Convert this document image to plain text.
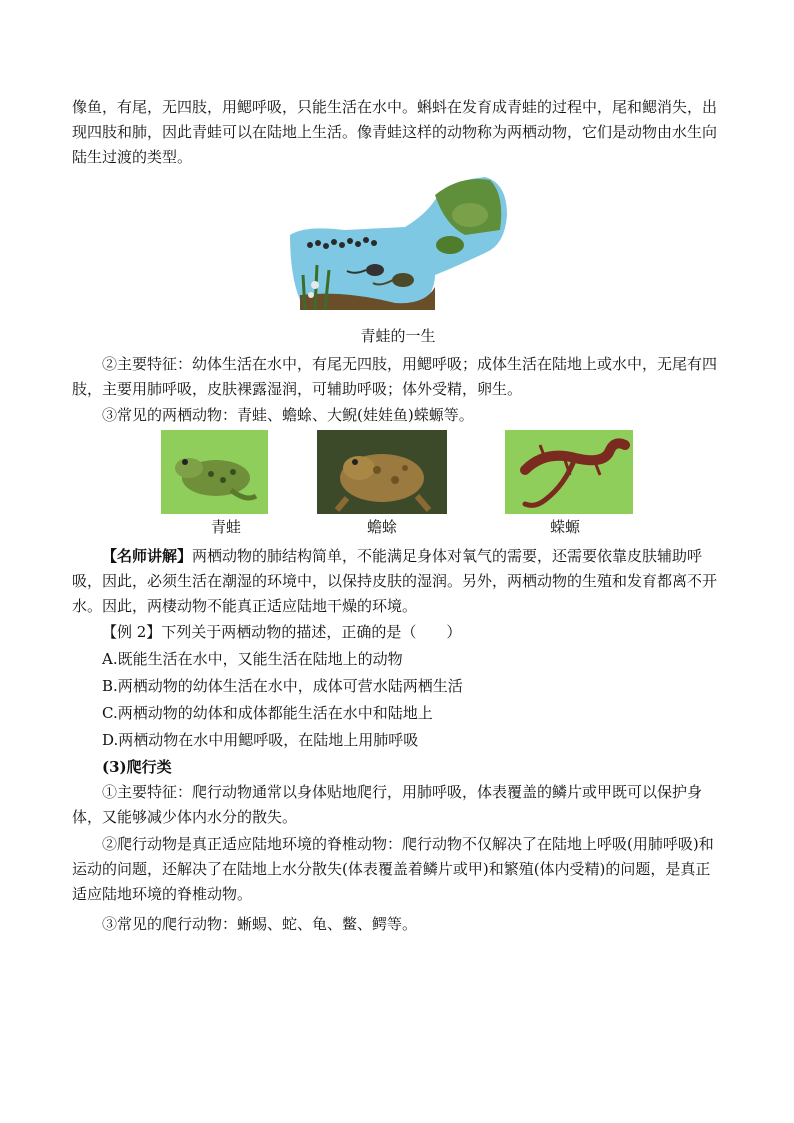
像鱼，有尾，无四肢，用鳃呼吸，只能生活在水中。蝌蚪在发育成青蛙的过程中，尾和鳃消失，出现四肢和肺，因此青蛙可以在陆地上生活。像青蛙这样的动物称为两栖动物，它们是动物由水生向陆生过渡的类型。

青蛙的一生

②主要特征：幼体生活在水中，有尾无四肢，用鳃呼吸；成体生活在陆地上或水中，无尾有四肢，主要用肺呼吸，皮肤裸露湿润，可辅助呼吸；体外受精，卵生。

③常见的两栖动物：青蛙、蟾蜍、大鲵(娃娃鱼)蝾螈等。

青蛙	蟾蜍	蝾螈

【名师讲解】两栖动物的肺结构简单，不能满足身体对氧气的需要，还需要依靠皮肤辅助呼吸，因此，必须生活在潮湿的环境中，以保持皮肤的湿润。另外，两栖动物的生殖和发育都离不开水。因此，两棲动物不能真正适应陆地干燥的环境。

【例 2】下列关于两栖动物的描述，正确的是（　　）

A.既能生活在水中，又能生活在陆地上的动物

B.两栖动物的幼体生活在水中，成体可营水陆两栖生活

C.两栖动物的幼体和成体都能生活在水中和陆地上

D.两栖动物在水中用鳃呼吸，在陆地上用肺呼吸

(3)爬行类

①主要特征：爬行动物通常以身体贴地爬行，用肺呼吸，体表覆盖的鳞片或甲既可以保护身体，又能够减少体内水分的散失。

②爬行动物是真正适应陆地环境的脊椎动物：爬行动物不仅解决了在陆地上呼吸(用肺呼吸)和运动的问题，还解决了在陆地上水分散失(体表覆盖着鳞片或甲)和繁殖(体内受精)的问题，是真正适应陆地环境的脊椎动物。

③常见的爬行动物：蜥蜴、蛇、龟、鳖、鳄等。
